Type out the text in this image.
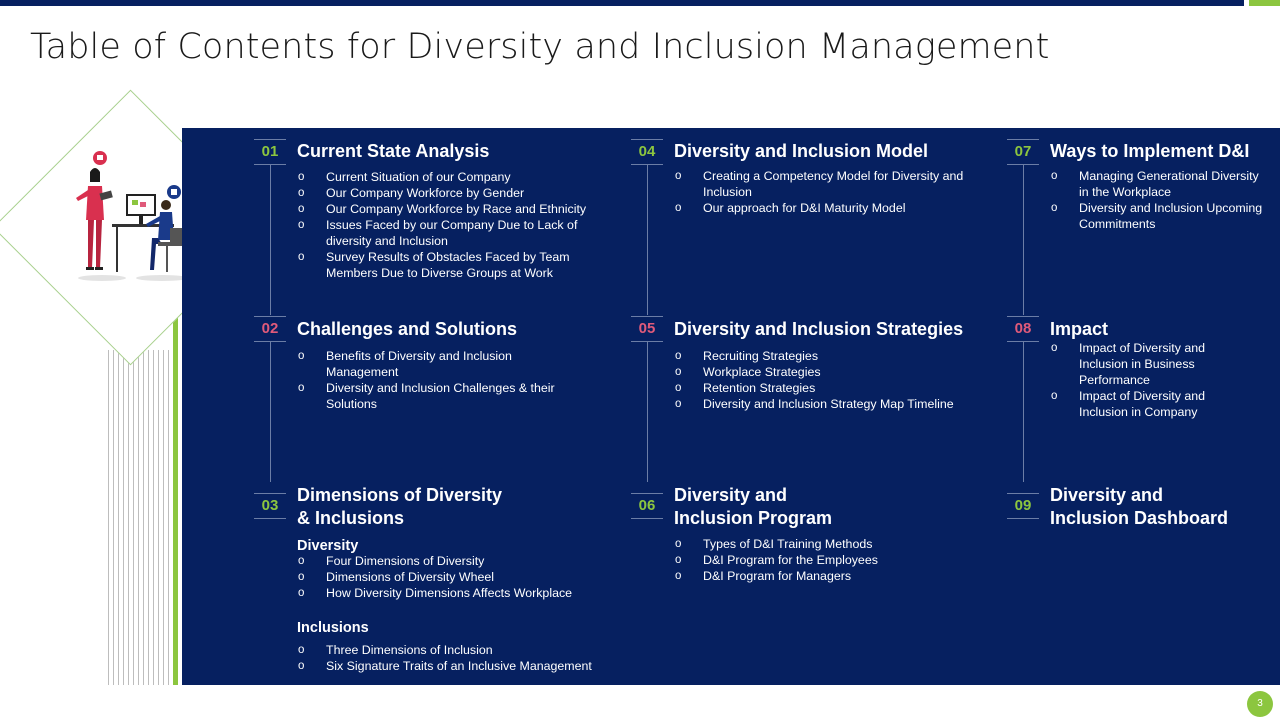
Table of Contents for Diversity and Inclusion Management
01	Current State Analysis
o Current Situation of our Company
o Our Company Workforce by Gender
o Our Company Workforce by Race and Ethnicity
o Issues Faced by our Company Due to Lack of diversity and Inclusion
o Survey Results of Obstacles Faced by Team Members Due to Diverse Groups at Work
02	Challenges and Solutions
o Benefits of Diversity and Inclusion Management
o Diversity and Inclusion Challenges & their Solutions
03
Dimensions of Diversity
& Inclusions
Diversity
o Four Dimensions of Diversity
o Dimensions of Diversity Wheel
o How Diversity Dimensions Affects Workplace
Inclusions
o Three Dimensions of Inclusion
o Six Signature Traits of an Inclusive Management
04	Diversity and Inclusion Model
o Creating a Competency Model for Diversity and Inclusion
o Our approach for D&I Maturity Model
05	Diversity and Inclusion Strategies
o Recruiting Strategies
o Workplace Strategies
o Retention Strategies
o Diversity and Inclusion Strategy Map Timeline
06
Diversity and
Inclusion Program
o Types of D&I Training Methods
o D&I Program for the Employees
o D&I Program for Managers
07	Ways to Implement D&I
o Managing Generational Diversity in the Workplace
o Diversity and Inclusion Upcoming Commitments
08	Impact
o Impact of Diversity and Inclusion in Business Performance
o Impact of Diversity and Inclusion in Company
09
Diversity and
Inclusion Dashboard
3
